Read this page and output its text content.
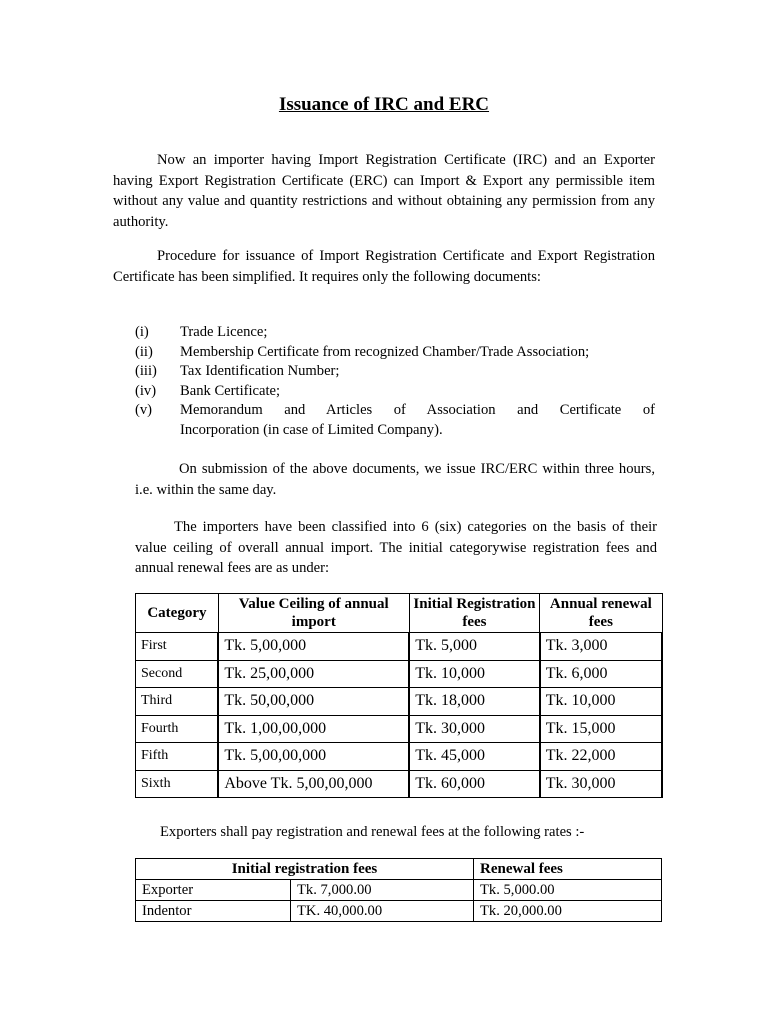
Issuance of IRC and ERC

Now an importer having Import Registration Certificate (IRC) and an Exporter having Export Registration Certificate (ERC) can Import & Export any permissible item without any value and quantity restrictions and without obtaining any permission from any authority.

Procedure for issuance of Import Registration Certificate and Export Registration Certificate has been simplified. It requires only the following documents:

(i)	Trade Licence;
(ii)	Membership Certificate from recognized Chamber/Trade Association;
(iii)	Tax Identification Number;
(iv)	Bank Certificate;
(v)	Memorandum and Articles of Association and Certificate of
Incorporation (in case of Limited Company).

On submission of the above documents, we issue IRC/ERC within three hours, i.e. within the same day.

The importers have been classified into 6 (six) categories on the basis of their value ceiling of overall annual import. The initial categorywise registration fees and annual renewal fees are as under:

Category	Value Ceiling of annual import	Initial Registration fees	Annual renewal fees
First	Tk. 5,00,000	Tk. 5,000	Tk. 3,000
Second	Tk. 25,00,000	Tk. 10,000	Tk. 6,000
Third	Tk. 50,00,000	Tk. 18,000	Tk. 10,000
Fourth	Tk. 1,00,00,000	Tk. 30,000	Tk. 15,000
Fifth	Tk. 5,00,00,000	Tk. 45,000	Tk. 22,000
Sixth	Above Tk. 5,00,00,000	Tk. 60,000	Tk. 30,000

Exporters shall pay registration and renewal fees at the following rates :-

Initial registration fees		Renewal fees
Exporter	Tk. 7,000.00	Tk. 5,000.00
Indentor	TK. 40,000.00	Tk. 20,000.00
